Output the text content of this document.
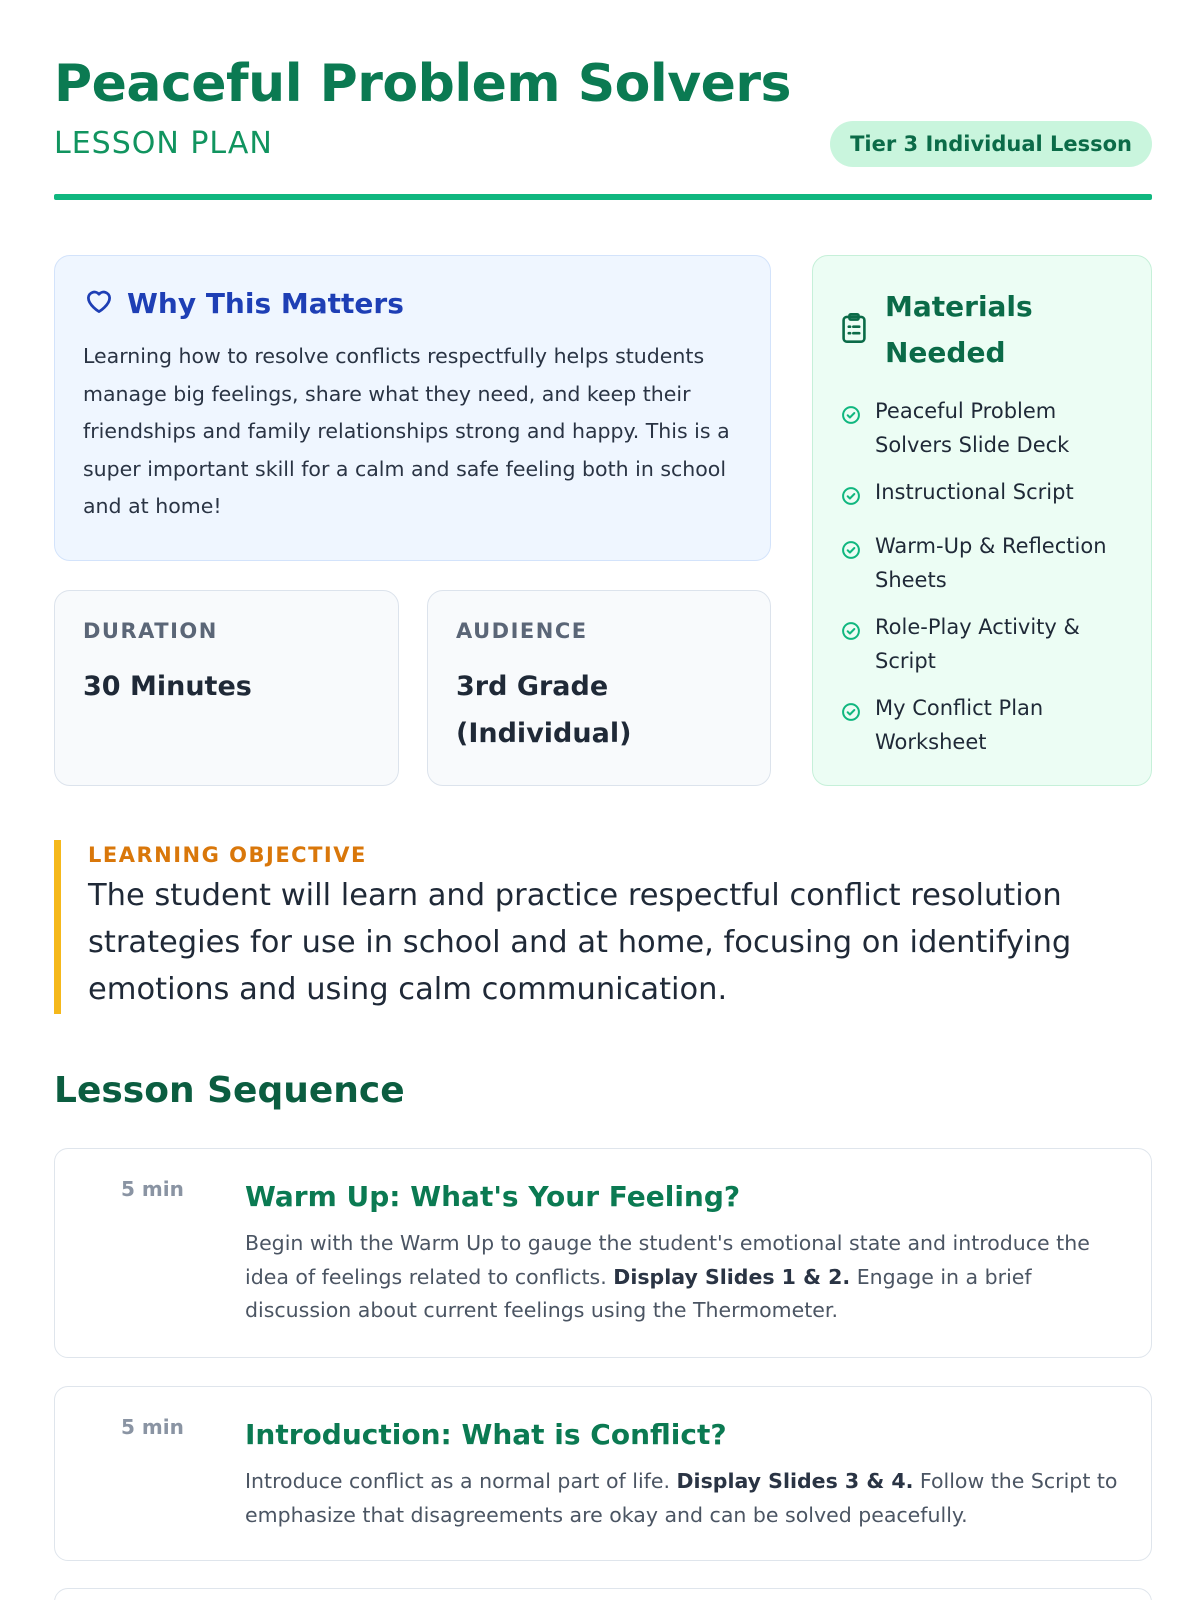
Peaceful Problem Solvers
LESSON PLAN	Tier 3 Individual Lesson
Why This Matters

Learning how to resolve conflicts respectfully helps students manage big feelings, share what they need, and keep their friendships and family relationships strong and happy. This is a super important skill for a calm and safe feeling both in school and at home!

DURATION
30 Minutes
AUDIENCE
3rd Grade (Individual)
Materials Needed
Peaceful Problem Solvers Slide Deck
Instructional Script
Warm-Up & Reflection Sheets
Role-Play Activity & Script
My Conflict Plan Worksheet
LEARNING OBJECTIVE

The student will learn and practice respectful conflict resolution strategies for use in school and at home, focusing on identifying emotions and using calm communication.

Lesson Sequence
5 min Warm Up: What's Your Feeling?

Begin with the Warm Up to gauge the student's emotional state and introduce the idea of feelings related to conflicts. Display Slides 1 & 2. Engage in a brief discussion about current feelings using the Thermometer.

5 min Introduction: What is Conflict?

Introduce conflict as a normal part of life. Display Slides 3 & 4. Follow the Script to emphasize that disagreements are okay and can be solved peacefully.
